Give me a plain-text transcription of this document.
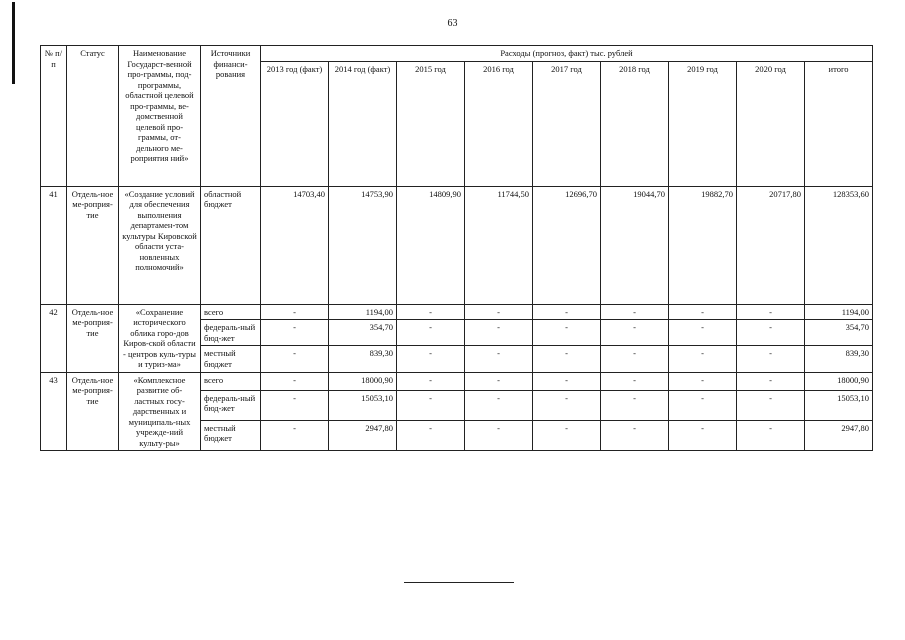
63
№ п/п	Статус	Наименование Государст-венной про-граммы, под-программы, областной целевой про-граммы, ве-домственной целевой про-граммы, от-дельного ме-роприятия ний»	Источники финанси-рования	Расходы (прогноз, факт) тыс. рублей								
				2013 год (факт)	2014 год (факт)	2015 год	2016 год	2017 год	2018 год	2019 год	2020 год	итого
41	Отдель-ное ме-роприя-тие	«Создание условий для обеспечения выполнения департамен-том культуры Кировской области уста-новленных полномочий»	областной бюджет	14703,40	14753,90	14809,90	11744,50	12696,70	19044,70	19882,70	20717,80	128353,60
42	Отдель-ное ме-роприя-тие	«Сохранение исторического облика горо-дов Киров-ской области - центров куль-туры и туриз-ма»	всего	-	1194,00	-	-	-	-	-	-	1194,00
			федераль-ный бюд-жет	-	354,70	-	-	-	-	-	-	354,70
			местный бюджет	-	839,30	-	-	-	-	-	-	839,30
43	Отдель-ное ме-роприя-тие	«Комплексное развитие об-ластных госу-дарственных и муниципаль-ных учрежде-ний культу-ры»	всего	-	18000,90	-	-	-	-	-	-	18000,90
			федераль-ный бюд-жет	-	15053,10	-	-	-	-	-	-	15053,10
			местный бюджет	-	2947,80	-	-	-	-	-	-	2947,80
